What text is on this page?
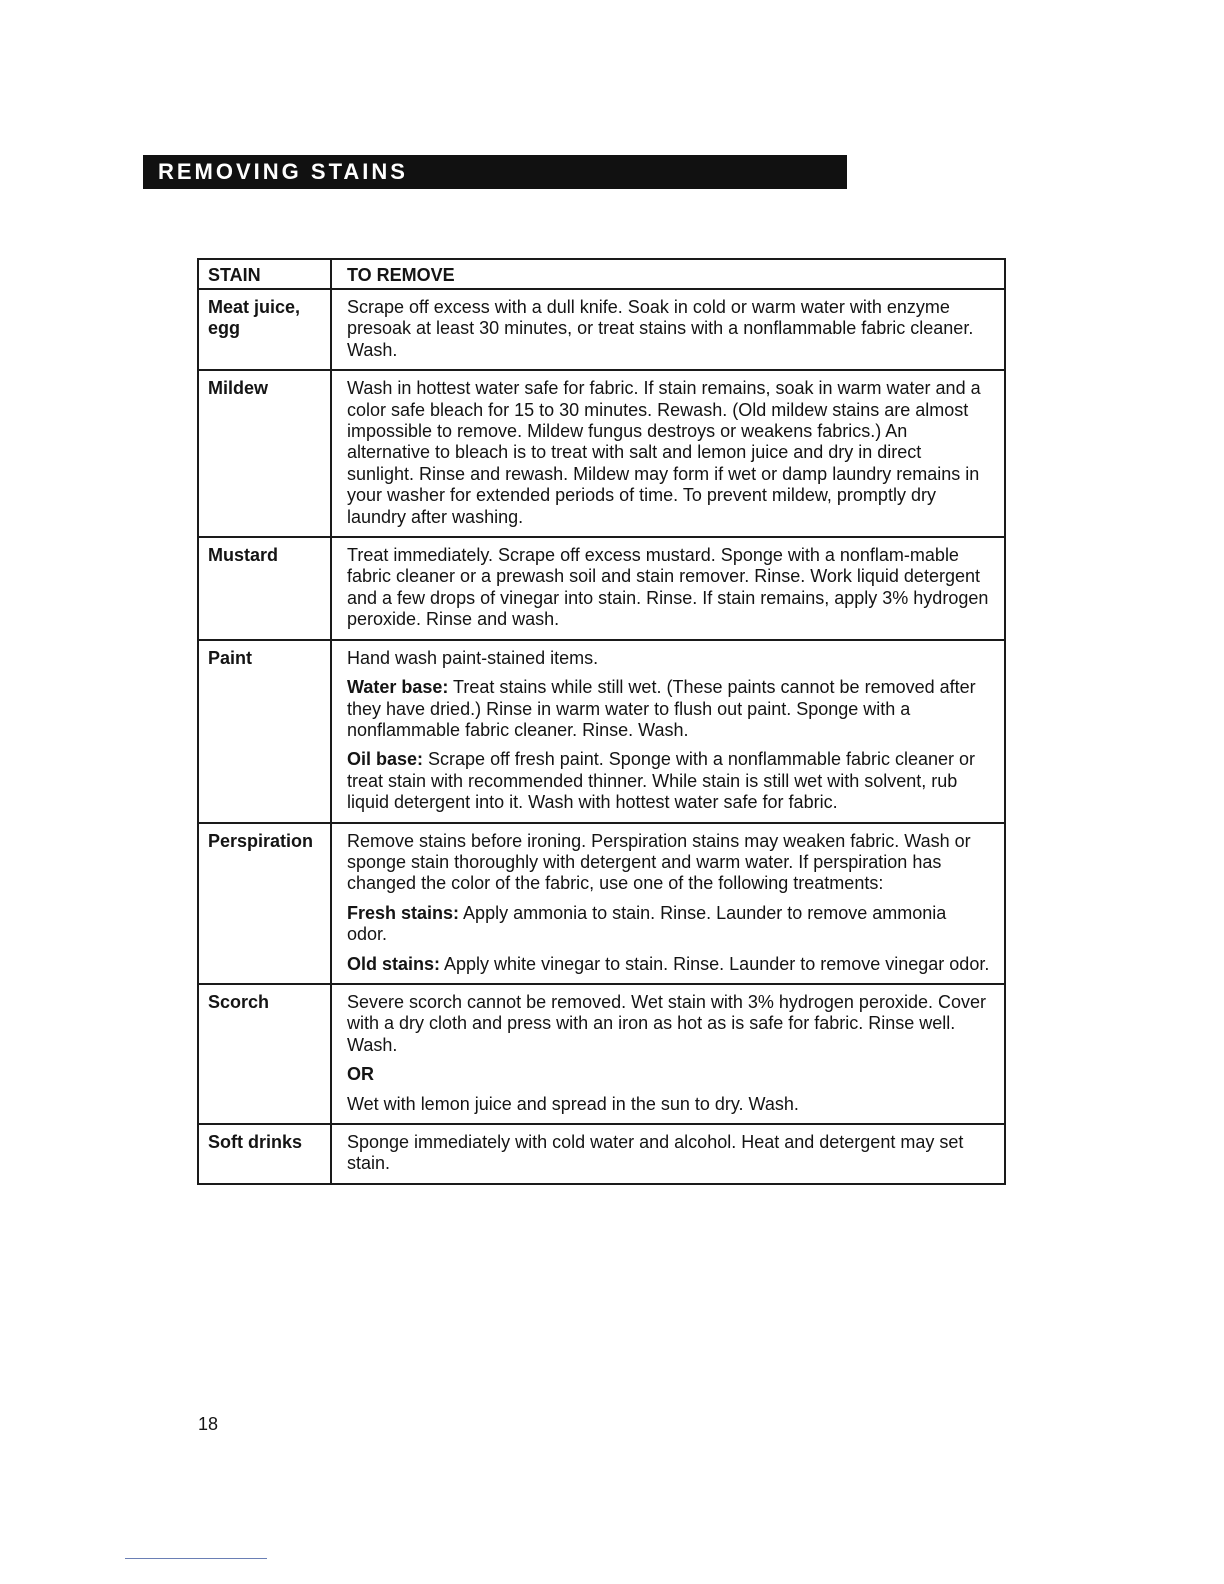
REMOVING STAINS
STAIN	TO REMOVE
Meat juice, egg	Scrape off excess with a dull knife. Soak in cold or warm water with enzyme presoak at least 30 minutes, or treat stains with a nonflammable fabric cleaner. Wash.

Mildew	Wash in hottest water safe for fabric. If stain remains, soak in warm water and a color safe bleach for 15 to 30 minutes. Rewash. (Old mildew stains are almost impossible to remove. Mildew fungus destroys or weakens fabrics.) An alternative to bleach is to treat with salt and lemon juice and dry in direct sunlight. Rinse and rewash. Mildew may form if wet or damp laundry remains in your washer for extended periods of time. To prevent mildew, promptly dry laundry after washing.

Mustard	Treat immediately. Scrape off excess mustard. Sponge with a nonflam-mable fabric cleaner or a prewash soil and stain remover. Rinse. Work liquid detergent and a few drops of vinegar into stain. Rinse. If stain remains, apply 3% hydrogen peroxide. Rinse and wash.

Paint	Hand wash paint-stained items.

Water base: Treat stains while still wet. (These paints cannot be removed after they have dried.) Rinse in warm water to flush out paint. Sponge with a nonflammable fabric cleaner. Rinse. Wash.

Oil base: Scrape off fresh paint. Sponge with a nonflammable fabric cleaner or treat stain with recommended thinner. While stain is still wet with solvent, rub liquid detergent into it. Wash with hottest water safe for fabric.

Perspiration	Remove stains before ironing. Perspiration stains may weaken fabric. Wash or sponge stain thoroughly with detergent and warm water. If perspiration has changed the color of the fabric, use one of the following treatments:

Fresh stains: Apply ammonia to stain. Rinse. Launder to remove ammonia odor.

Old stains: Apply white vinegar to stain. Rinse. Launder to remove vinegar odor.

Scorch	Severe scorch cannot be removed. Wet stain with 3% hydrogen peroxide. Cover with a dry cloth and press with an iron as hot as is safe for fabric. Rinse well. Wash.

OR

Wet with lemon juice and spread in the sun to dry. Wash.

Soft drinks	Sponge immediately with cold water and alcohol. Heat and detergent may set stain.

18
